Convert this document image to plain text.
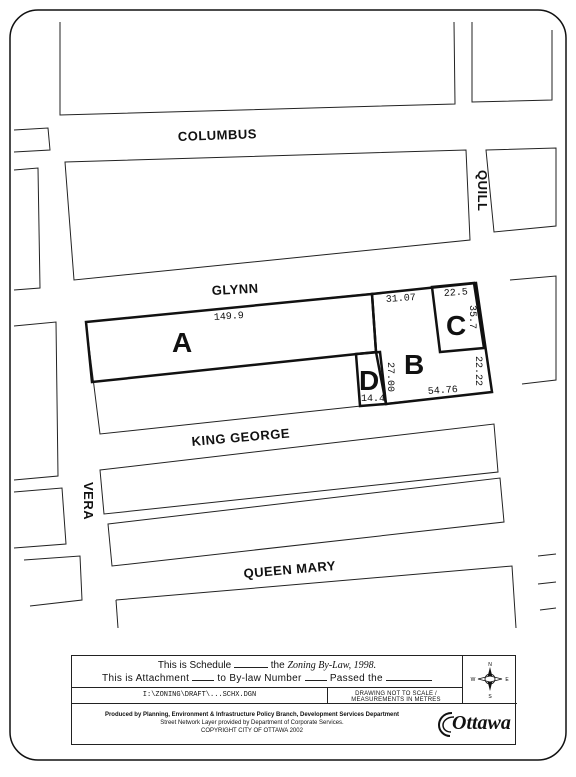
COLUMBUS
QUILL
GLYNN
KING GEORGE
VERA
QUEEN MARY
A
B
C
D
149.9
31.07	22.5
35.7
22.22
54.76
27.00
14.4
This is Schedule	the Zoning By-Law, 1998.
This is Attachment	to By-law Number	Passed the
I:\ZONING\DRAFT\...SCHX.DGN	DRAWING NOT TO SCALE / MEASUREMENTS IN METRES
Produced by Planning, Environment & Infrastructure Policy Branch, Development Services Department
Street Network Layer provided by Department of Corporate Services.
COPYRIGHT CITY OF OTTAWA 2002
N
S
E
W
Ottawa
